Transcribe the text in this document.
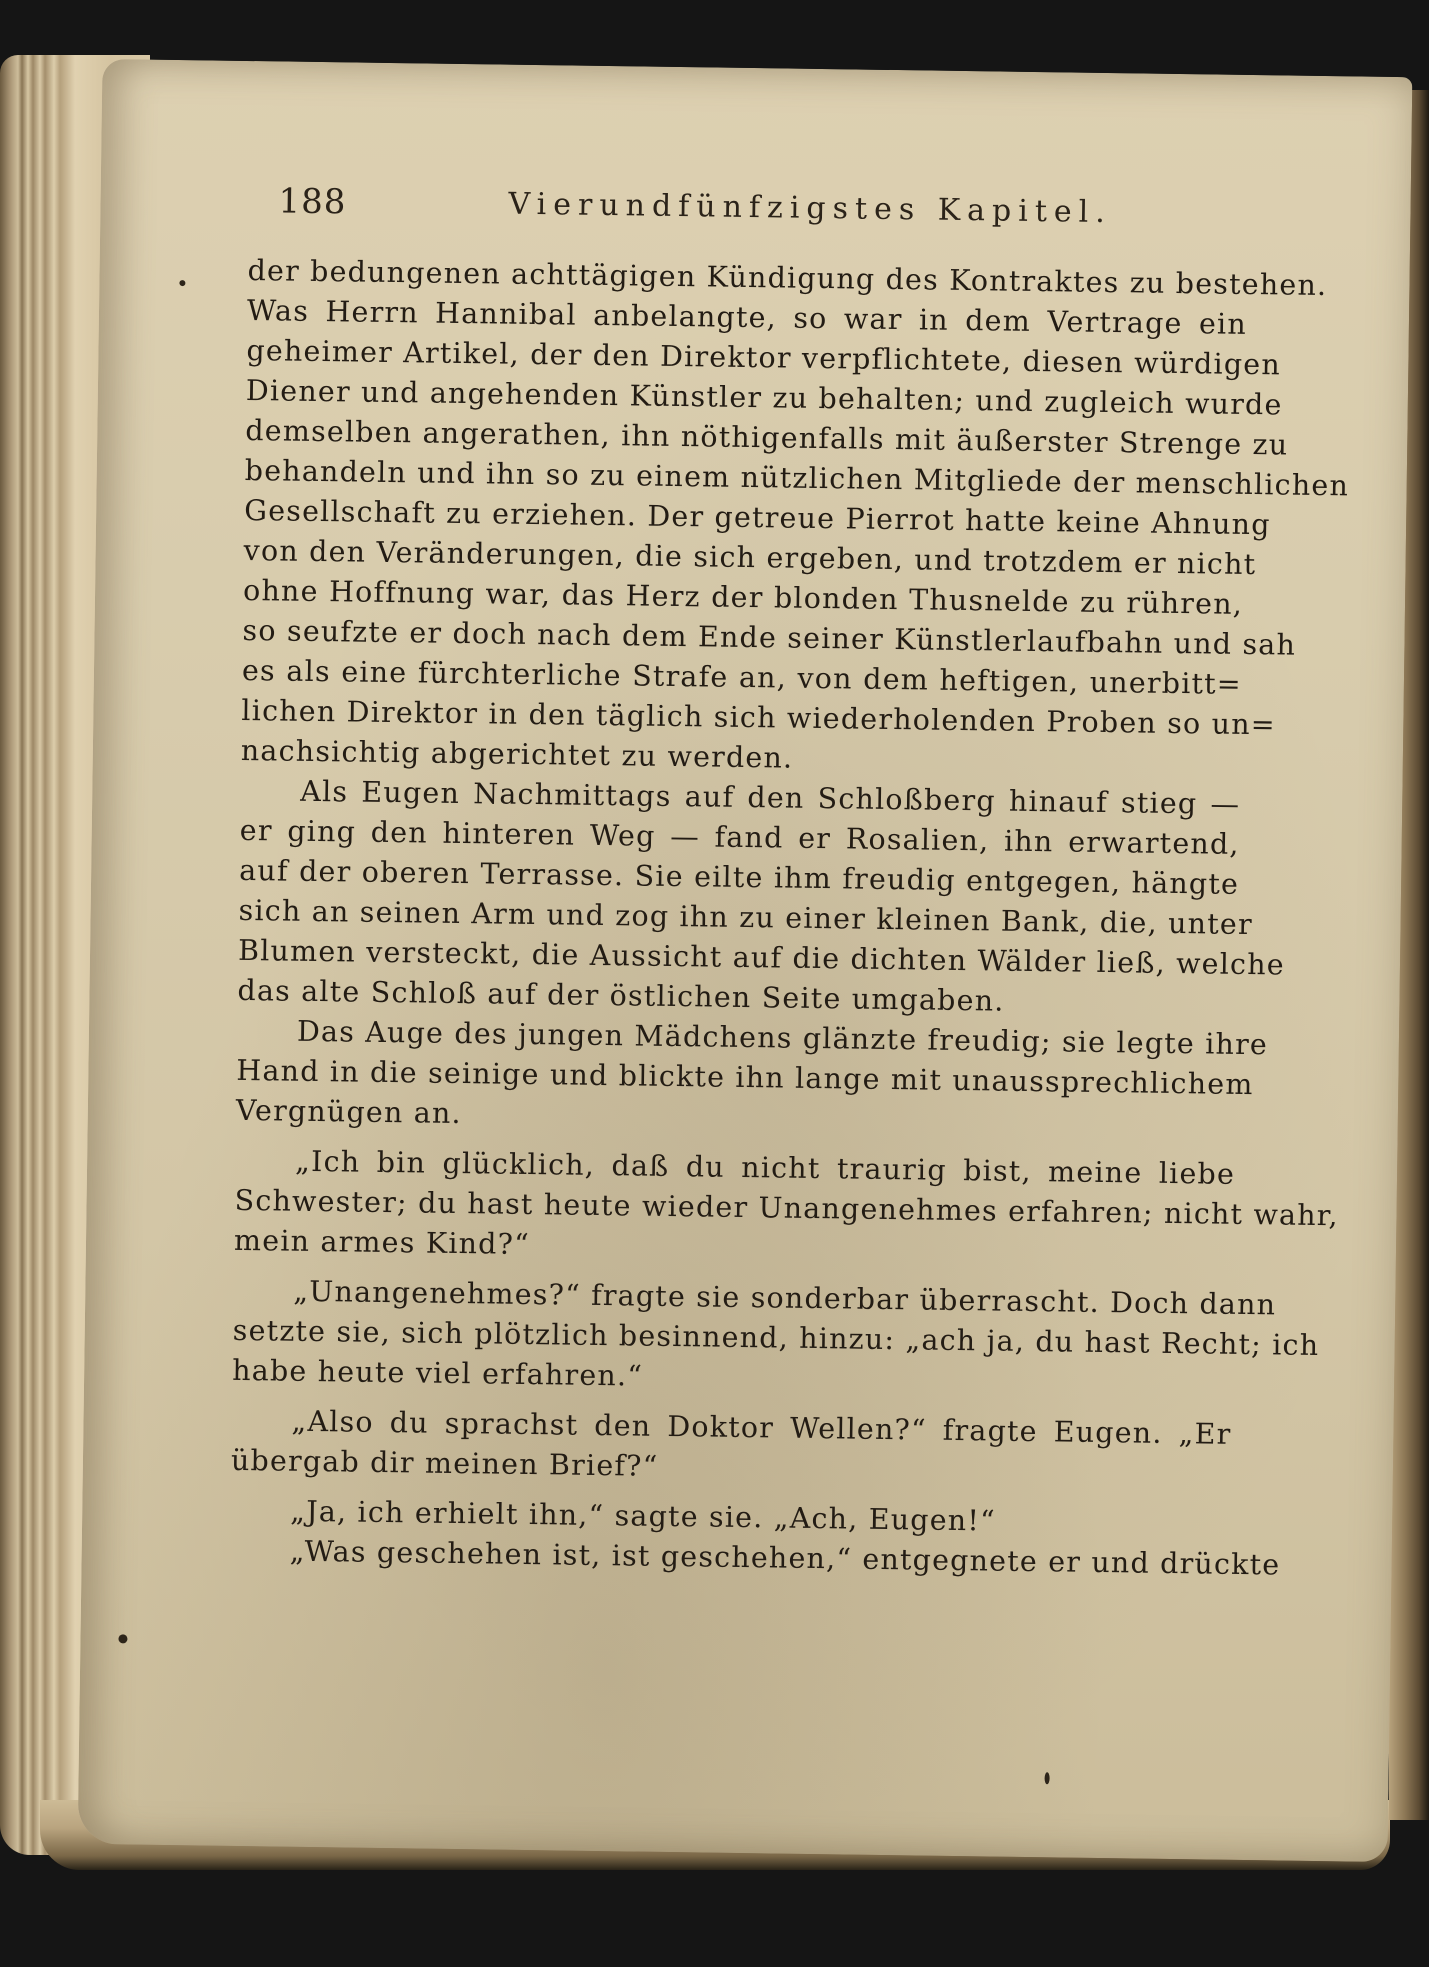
188	Vierundfünfzigstes Kapitel.
der bedungenen achttägigen Kündigung des Kontraktes zu bestehen.
Was Herrn Hannibal anbelangte, so war in dem Vertrage ein
geheimer Artikel, der den Direktor verpflichtete, diesen würdigen
Diener und angehenden Künstler zu behalten; und zugleich wurde
demselben angerathen, ihn nöthigenfalls mit äußerster Strenge zu
behandeln und ihn so zu einem nützlichen Mitgliede der menschlichen
Gesellschaft zu erziehen. Der getreue Pierrot hatte keine Ahnung
von den Veränderungen, die sich ergeben, und trotzdem er nicht
ohne Hoffnung war, das Herz der blonden Thusnelde zu rühren,
so seufzte er doch nach dem Ende seiner Künstlerlaufbahn und sah
es als eine fürchterliche Strafe an, von dem heftigen, unerbitt=
lichen Direktor in den täglich sich wiederholenden Proben so un=
nachsichtig abgerichtet zu werden.
Als Eugen Nachmittags auf den Schloßberg hinauf stieg —
er ging den hinteren Weg — fand er Rosalien, ihn erwartend,
auf der oberen Terrasse. Sie eilte ihm freudig entgegen, hängte
sich an seinen Arm und zog ihn zu einer kleinen Bank, die, unter
Blumen versteckt, die Aussicht auf die dichten Wälder ließ, welche
das alte Schloß auf der östlichen Seite umgaben.
Das Auge des jungen Mädchens glänzte freudig; sie legte ihre
Hand in die seinige und blickte ihn lange mit unaussprechlichem
Vergnügen an.
„Ich bin glücklich, daß du nicht traurig bist, meine liebe
Schwester; du hast heute wieder Unangenehmes erfahren; nicht wahr,
mein armes Kind?“
„Unangenehmes?“ fragte sie sonderbar überrascht. Doch dann
setzte sie, sich plötzlich besinnend, hinzu: „ach ja, du hast Recht; ich
habe heute viel erfahren.“
„Also du sprachst den Doktor Wellen?“ fragte Eugen. „Er
übergab dir meinen Brief?“
„Ja, ich erhielt ihn,“ sagte sie. „Ach, Eugen!“
„Was geschehen ist, ist geschehen,“ entgegnete er und drückte
